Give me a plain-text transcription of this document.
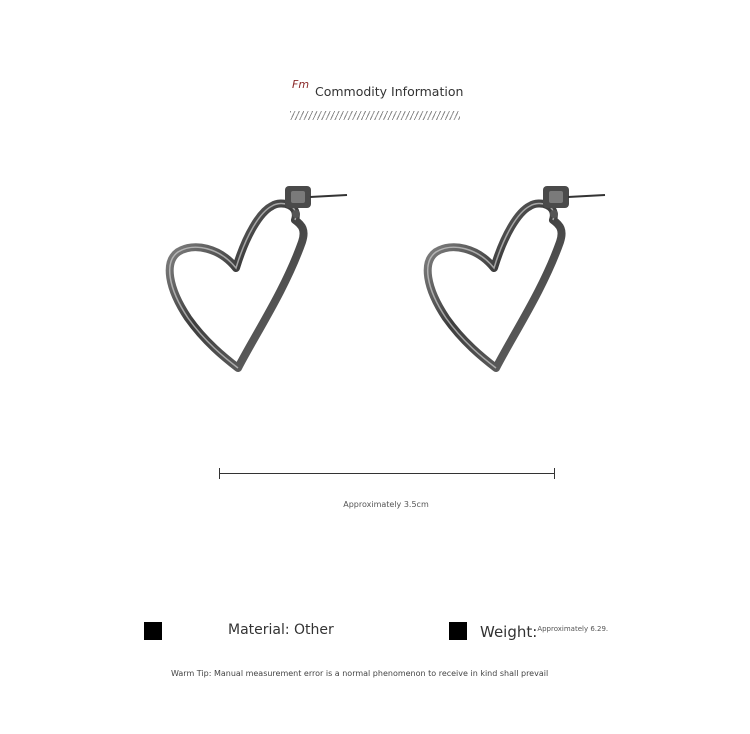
Fm Commodity Information
Approximately 3.5cm
Material: Other	Weight:$^{Approximately 6.29.}$
Warm Tip: Manual measurement error is a normal phenomenon to receive in kind shall prevail
